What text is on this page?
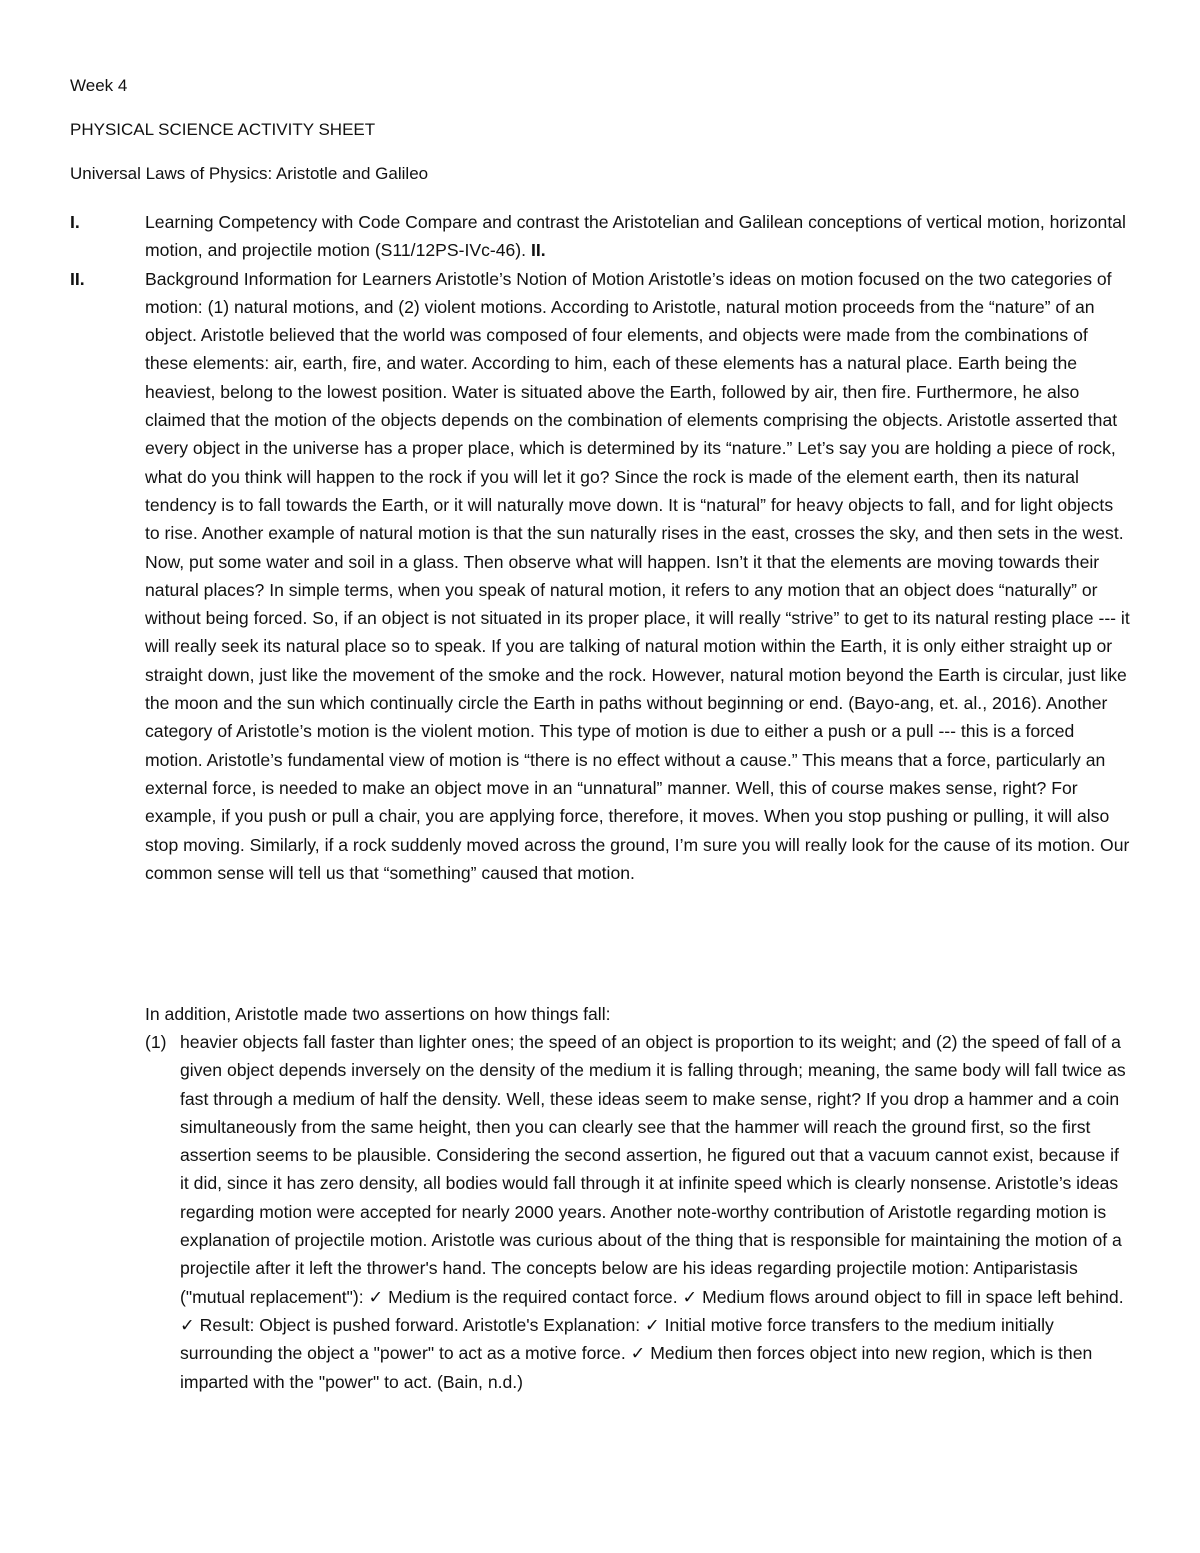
Week 4
PHYSICAL SCIENCE ACTIVITY SHEET
Universal Laws of Physics: Aristotle and Galileo
I.	Learning Competency with Code Compare and contrast the Aristotelian and Galilean conceptions of vertical motion, horizontal motion, and projectile motion (S11/12PS-IVc-46). II.
II.	Background Information for Learners Aristotle’s Notion of Motion Aristotle’s ideas on motion focused on the two categories of motion: (1) natural motions, and (2) violent motions. According to Aristotle, natural motion proceeds from the “nature” of an object. Aristotle believed that the world was composed of four elements, and objects were made from the combinations of these elements: air, earth, fire, and water. According to him, each of these elements has a natural place. Earth being the heaviest, belong to the lowest position. Water is situated above the Earth, followed by air, then fire. Furthermore, he also claimed that the motion of the objects depends on the combination of elements comprising the objects. Aristotle asserted that every object in the universe has a proper place, which is determined by its “nature.” Let’s say you are holding a piece of rock, what do you think will happen to the rock if you will let it go? Since the rock is made of the element earth, then its natural tendency is to fall towards the Earth, or it will naturally move down. It is “natural” for heavy objects to fall, and for light objects to rise. Another example of natural motion is that the sun naturally rises in the east, crosses the sky, and then sets in the west. Now, put some water and soil in a glass. Then observe what will happen. Isn’t it that the elements are moving towards their natural places? In simple terms, when you speak of natural motion, it refers to any motion that an object does “naturally” or without being forced. So, if an object is not situated in its proper place, it will really “strive” to get to its natural resting place --- it will really seek its natural place so to speak. If you are talking of natural motion within the Earth, it is only either straight up or straight down, just like the movement of the smoke and the rock. However, natural motion beyond the Earth is circular, just like the moon and the sun which continually circle the Earth in paths without beginning or end. (Bayo-ang, et. al., 2016). Another category of Aristotle’s motion is the violent motion. This type of motion is due to either a push or a pull --- this is a forced motion. Aristotle’s fundamental view of motion is “there is no effect without a cause.” This means that a force, particularly an external force, is needed to make an object move in an “unnatural” manner. Well, this of course makes sense, right? For example, if you push or pull a chair, you are applying force, therefore, it moves. When you stop pushing or pulling, it will also stop moving. Similarly, if a rock suddenly moved across the ground, I’m sure you will really look for the cause of its motion. Our common sense will tell us that “something” caused that motion.
In addition, Aristotle made two assertions on how things fall:
(1) heavier objects fall faster than lighter ones; the speed of an object is proportion to its weight; and (2) the speed of fall of a given object depends inversely on the density of the medium it is falling through; meaning, the same body will fall twice as fast through a medium of half the density. Well, these ideas seem to make sense, right? If you drop a hammer and a coin simultaneously from the same height, then you can clearly see that the hammer will reach the ground first, so the first assertion seems to be plausible. Considering the second assertion, he figured out that a vacuum cannot exist, because if it did, since it has zero density, all bodies would fall through it at infinite speed which is clearly nonsense. Aristotle’s ideas regarding motion were accepted for nearly 2000 years. Another note-worthy contribution of Aristotle regarding motion is explanation of projectile motion. Aristotle was curious about of the thing that is responsible for maintaining the motion of a projectile after it left the thrower's hand. The concepts below are his ideas regarding projectile motion: Antiparistasis ("mutual replacement"): ✓ Medium is the required contact force. ✓ Medium flows around object to fill in space left behind. ✓ Result: Object is pushed forward. Aristotle's Explanation: ✓ Initial motive force transfers to the medium initially surrounding the object a "power" to act as a motive force. ✓ Medium then forces object into new region, which is then imparted with the "power" to act. (Bain, n.d.)
